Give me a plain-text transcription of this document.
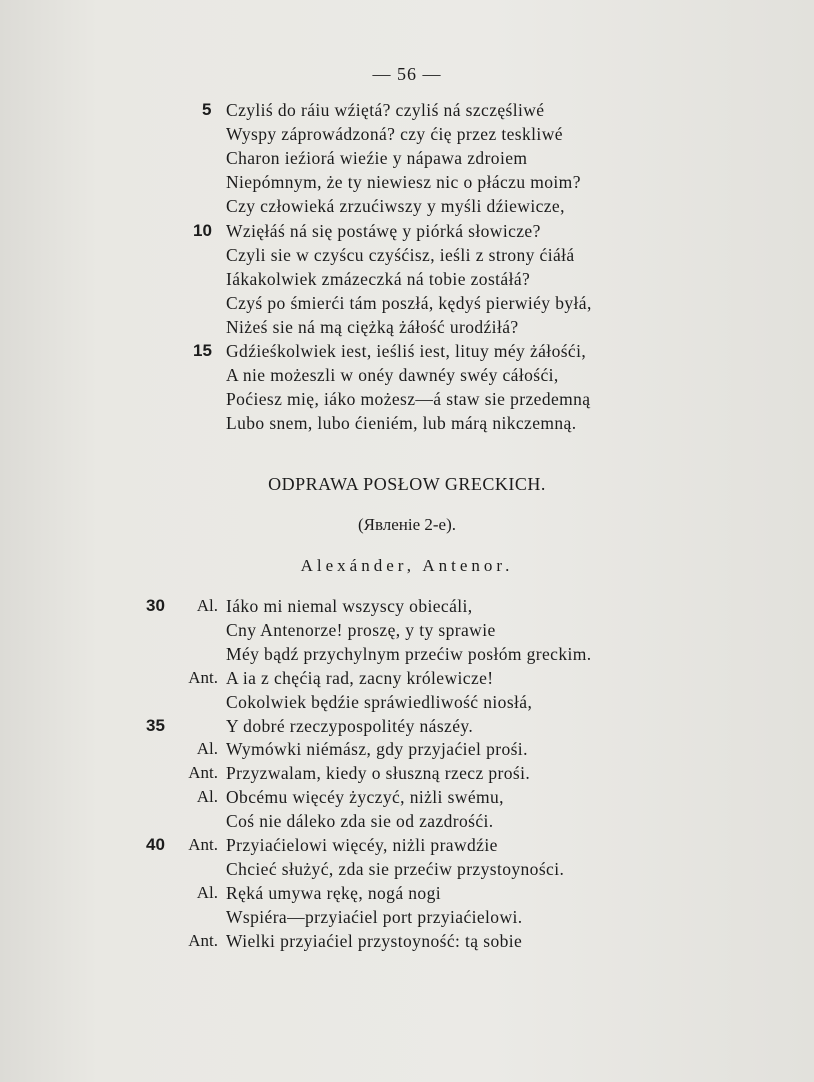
— 56 —
5 Czyliś do ráiu wźiętá? czyliś ná szczęśliwé
Wyspy záprowádzoná? czy ćię przez teskliwé
Charon ieźiorá wieźie y nápawa zdroiem
Niepómnym, że ty niewiesz nic o płáczu moim?
Czy człowieká zrzućiwszy y myśli dźiewicze,
10 Wzięłáś ná się postáwę y piórká słowicze?
Czyli sie w czyścu czyśćisz, ieśli z strony ćiáłá
Iákakolwiek zmázeczká ná tobie zostáłá?
Czyś po śmierći tám poszłá, kędyś pierwiéy byłá,
Niżeś sie ná mą ciężką żáłość urodźiłá?
15 Gdźieśkolwiek iest, ieśliś iest, lituy méy żáłośći,
A nie możeszli w onéy dawnéy swéy cáłośći,
Poćiesz mię, iáko możesz—á staw sie przedemną
Lubo snem, lubo ćieniém, lub márą nikczemną.
ODPRAWA POSŁOW GRECKICH.
(Явленіе 2-е).
Alexánder, Antenor.
30	Al. Iáko mi niemal wszyscy obiecáli,
Cny Antenorze! proszę, y ty sprawie
Méy bądź przychylnym przećiw posłóm greckim.
Ant. A ia z chęćią rad, zacny królewicze!
Cokolwiek będźie spráwiedliwość niosłá,
35	Y dobré rzeczypospolitéy nászéy.
Al. Wymówki niémász, gdy przyjaćiel prośi.
Ant. Przyzwalam, kiedy o słuszną rzecz prośi.
Al. Obcému więcéy życzyć, niżli swému,
Coś nie dáleko zda sie od zazdrośći.
40	Ant. Przyiaćielowi więcéy, niżli prawdźie
Chcieć służyć, zda sie przećiw przystoyności.
Al. Ręká umywa rękę, nogá nogi
Wspiéra—przyiaćiel port przyiaćielowi.
Ant. Wielki przyiaćiel przystoyność: tą sobie
